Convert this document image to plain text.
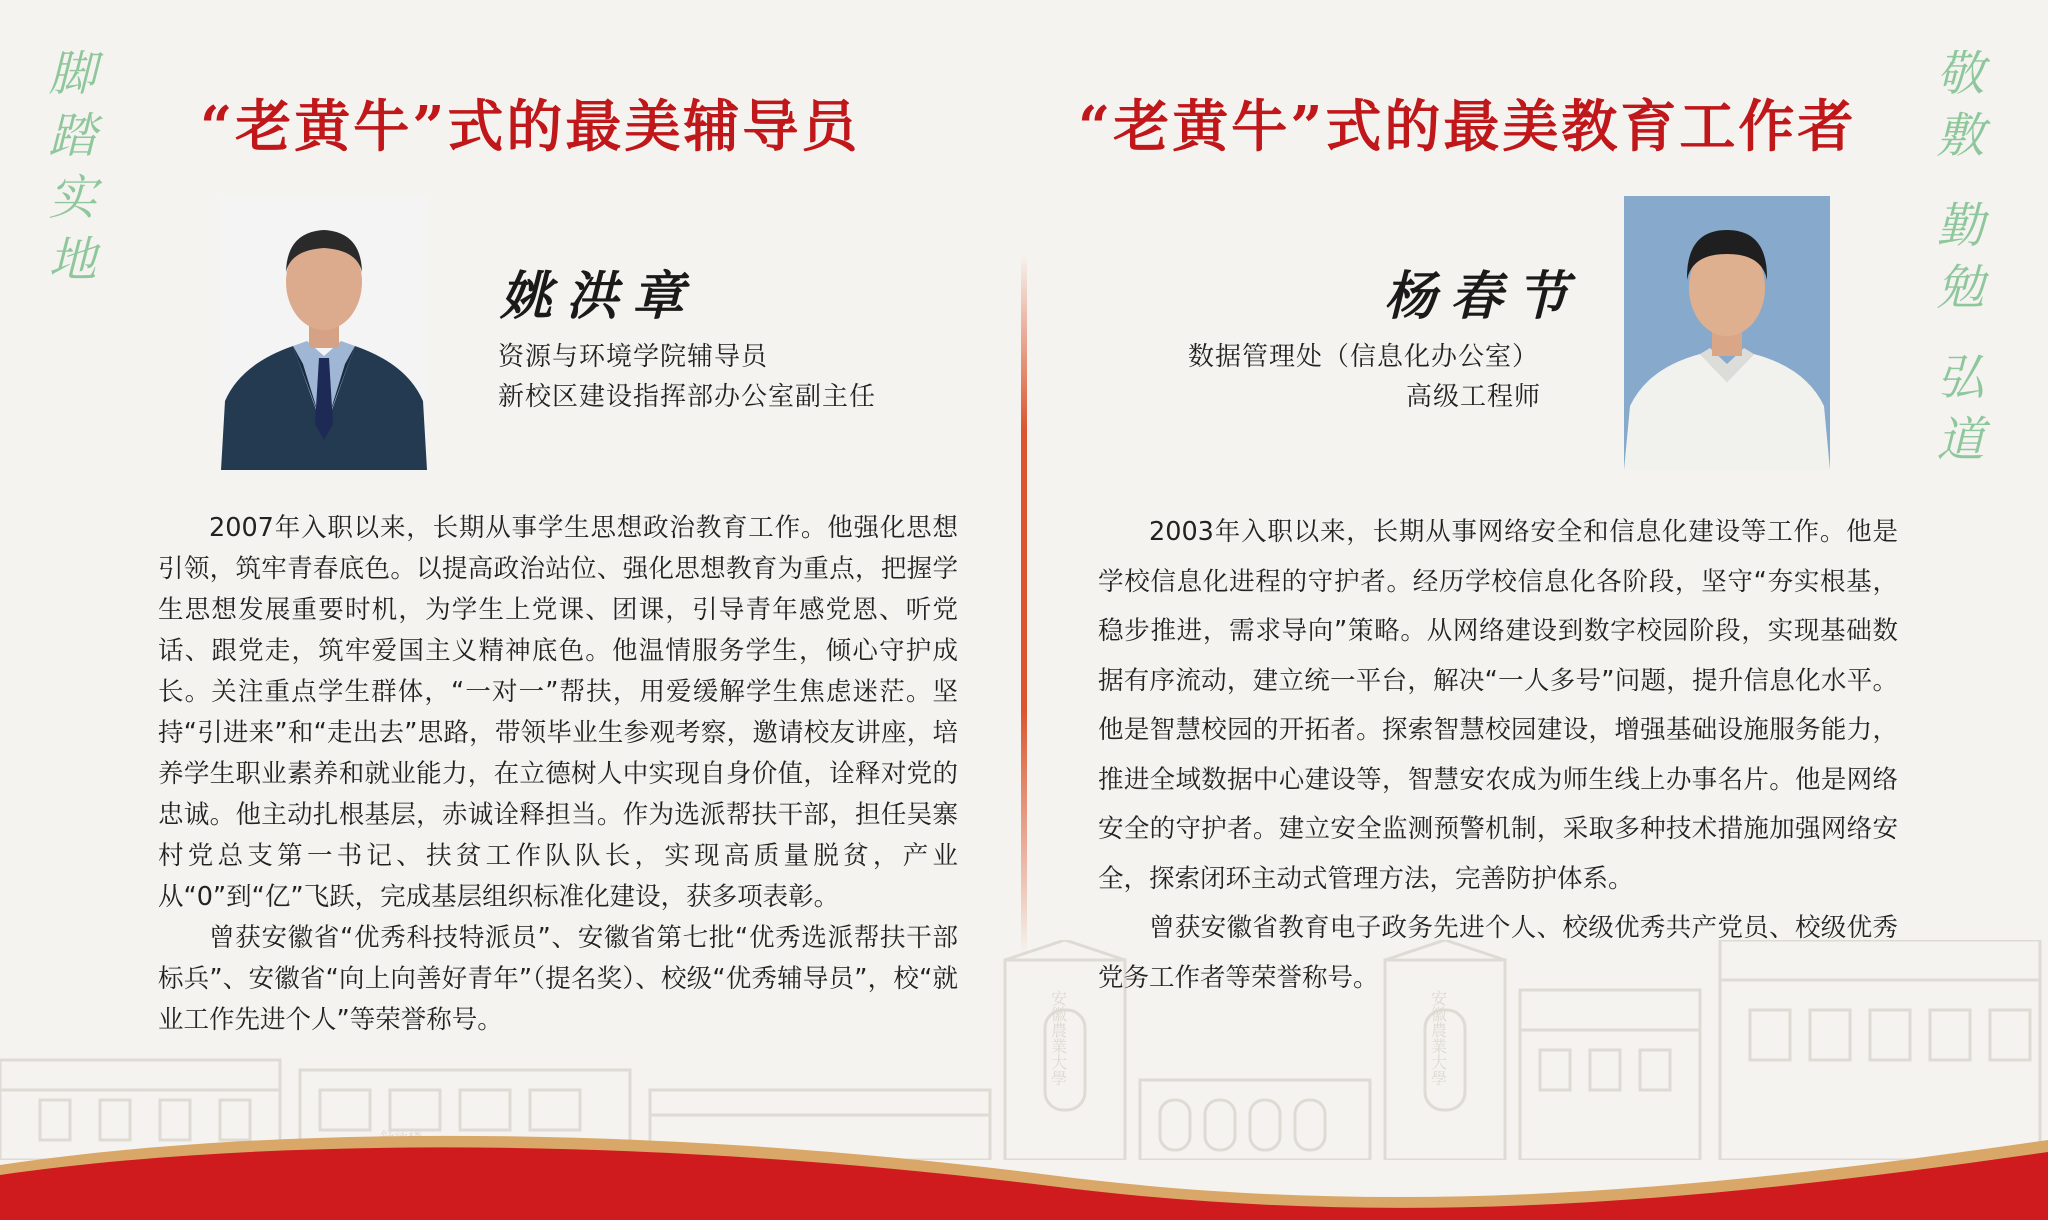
安徽農業大學	安徽農業大學
脚踏实地	敬敷
勤勉
弘道
“老黄牛”式的最美辅导员
姚洪章

资源与环境学院辅导员

新校区建设指挥部办公室副主任

2007年入职以来，长期从事学生思想政治教育工作。他强化思想引领，筑牢青春底色。以提高政治站位、强化思想教育为重点，把握学生思想发展重要时机，为学生上党课、团课，引导青年感党恩、听党话、跟党走，筑牢爱国主义精神底色。他温情服务学生，倾心守护成长。关注重点学生群体，“一对一”帮扶，用爱缓解学生焦虑迷茫。坚持“引进来”和“走出去”思路，带领毕业生参观考察，邀请校友讲座，培养学生职业素养和就业能力，在立德树人中实现自身价值，诠释对党的忠诚。他主动扎根基层，赤诚诠释担当。作为选派帮扶干部，担任吴寨村党总支第一书记、扶贫工作队队长，实现高质量脱贫，产业从“0”到“亿”飞跃，完成基层组织标准化建设，获多项表彰。

曾获安徽省“优秀科技特派员”、安徽省第七批“优秀选派帮扶干部标兵”、安徽省“向上向善好青年”（提名奖）、校级“优秀辅导员”，校“就业工作先进个人”等荣誉称号。

“老黄牛”式的最美教育工作者
杨春节

数据管理处（信息化办公室）

高级工程师

2003年入职以来，长期从事网络安全和信息化建设等工作。他是学校信息化进程的守护者。经历学校信息化各阶段，坚守“夯实根基，稳步推进，需求导向”策略。从网络建设到数字校园阶段，实现基础数据有序流动，建立统一平台，解决“一人多号”问题，提升信息化水平。他是智慧校园的开拓者。探索智慧校园建设，增强基础设施服务能力，推进全域数据中心建设等，智慧安农成为师生线上办事名片。他是网络安全的守护者。建立安全监测预警机制，采取多种技术措施加强网络安全，探索闭环主动式管理方法，完善防护体系。

曾获安徽省教育电子政务先进个人、校级优秀共产党员、校级优秀党务工作者等荣誉称号。
